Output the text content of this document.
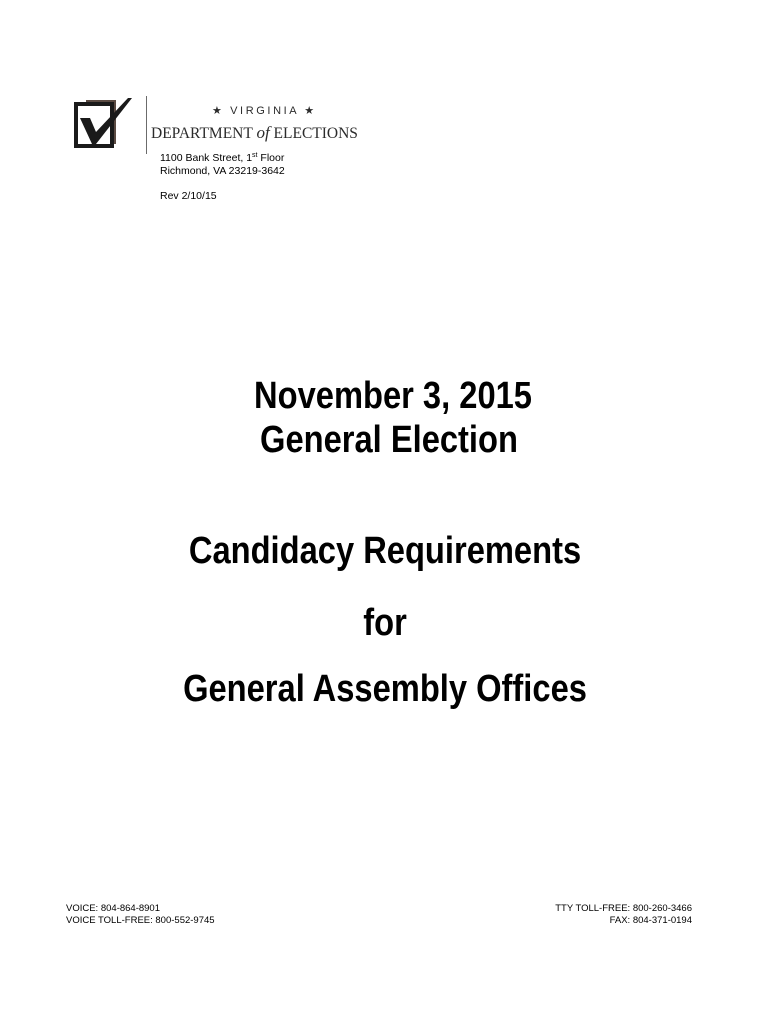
★ VIRGINIA ★
DEPARTMENT of ELECTIONS
1100 Bank Street, 1st Floor
Richmond, VA 23219-3642
Rev 2/10/15
November 3, 2015
General Election
Candidacy Requirements
for
General Assembly Offices
VOICE: 804-864-8901
VOICE TOLL-FREE: 800-552-9745
TTY TOLL-FREE: 800-260-3466
FAX: 804-371-0194
